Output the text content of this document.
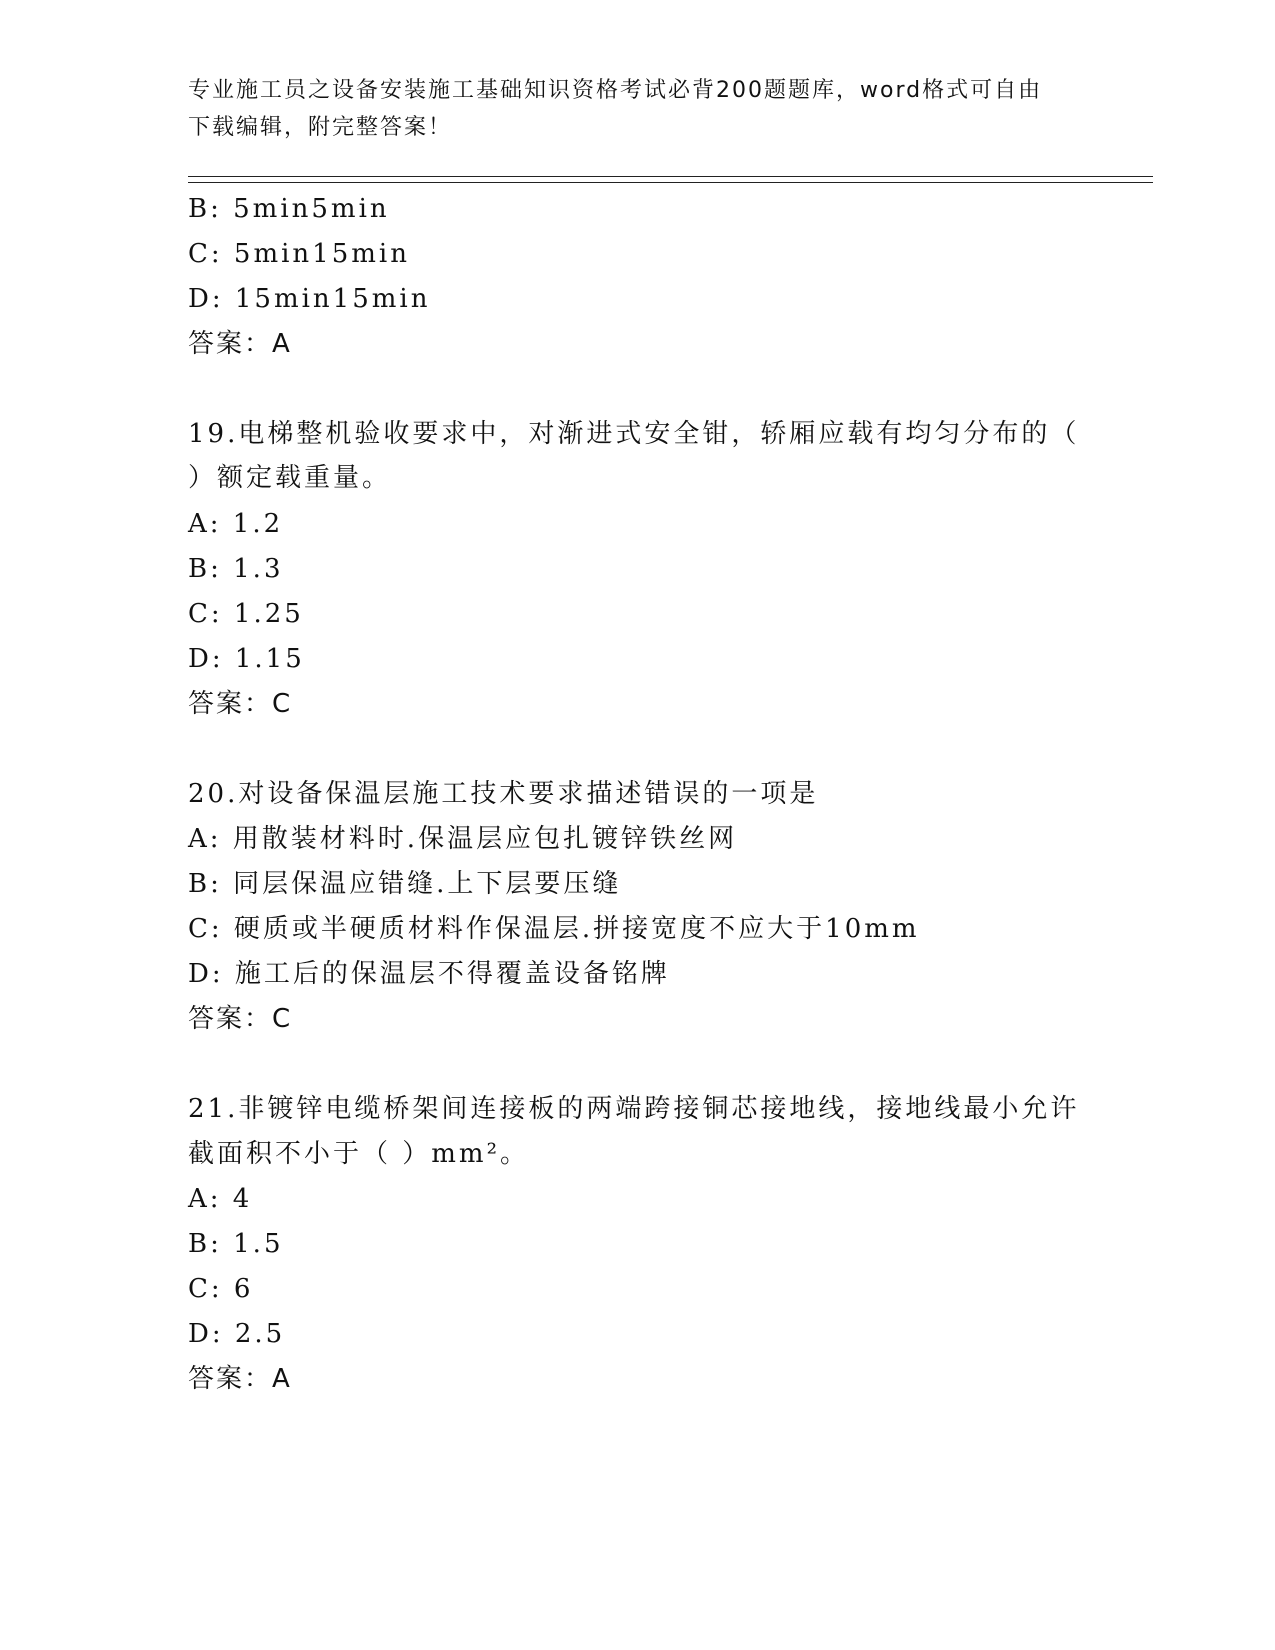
专业施工员之设备安装施工基础知识资格考试必背200题题库，word格式可自由

下载编辑，附完整答案！

B: 5min5min
C: 5min15min
D: 15min15min
答案：A
19.电梯整机验收要求中，对渐进式安全钳，轿厢应载有均匀分布的（
）额定载重量。
A: 1.2
B: 1.3
C: 1.25
D: 1.15
答案：C
20.对设备保温层施工技术要求描述错误的一项是
A: 用散装材料时.保温层应包扎镀锌铁丝网
B: 同层保温应错缝.上下层要压缝
C: 硬质或半硬质材料作保温层.拼接宽度不应大于10mm
D: 施工后的保温层不得覆盖设备铭牌
答案：C
21.非镀锌电缆桥架间连接板的两端跨接铜芯接地线，接地线最小允许
截面积不小于（ ）mm²。
A: 4
B: 1.5
C: 6
D: 2.5
答案：A
